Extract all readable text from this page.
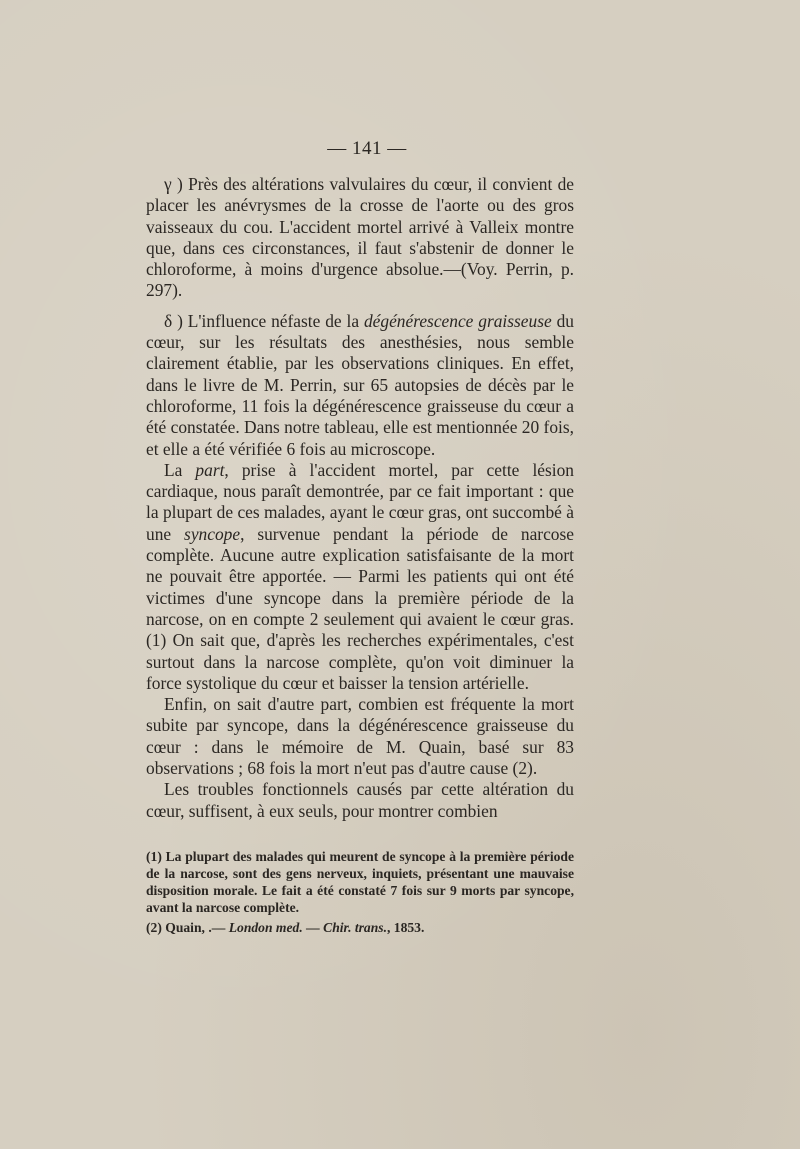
— 141 —

γ ) Près des altérations valvulaires du cœur, il convient de placer les anévrysmes de la crosse de l'aorte ou des gros vaisseaux du cou. L'accident mortel arrivé à Valleix montre que, dans ces circonstances, il faut s'abstenir de donner le chloroforme, à moins d'urgence absolue.—(Voy. Perrin, p. 297).

δ ) L'influence néfaste de la dégénérescence graisseuse du cœur, sur les résultats des anesthésies, nous semble clairement établie, par les observations cliniques. En effet, dans le livre de M. Perrin, sur 65 autopsies de décès par le chloroforme, 11 fois la dégénérescence graisseuse du cœur a été constatée. Dans notre tableau, elle est mentionnée 20 fois, et elle a été vérifiée 6 fois au microscope.

La part, prise à l'accident mortel, par cette lésion cardiaque, nous paraît demontrée, par ce fait important : que la plupart de ces malades, ayant le cœur gras, ont succombé à une syncope, survenue pendant la période de narcose complète. Aucune autre explication satisfaisante de la mort ne pouvait être apportée. — Parmi les patients qui ont été victimes d'une syncope dans la première période de la narcose, on en compte 2 seulement qui avaient le cœur gras. (1) On sait que, d'après les recherches expérimentales, c'est surtout dans la narcose complète, qu'on voit diminuer la force systolique du cœur et baisser la tension artérielle.

Enfin, on sait d'autre part, combien est fréquente la mort subite par syncope, dans la dégénérescence graisseuse du cœur : dans le mémoire de M. Quain, basé sur 83 observations ; 68 fois la mort n'eut pas d'autre cause (2).

Les troubles fonctionnels causés par cette altération du cœur, suffisent, à eux seuls, pour montrer combien

(1) La plupart des malades qui meurent de syncope à la première période de la narcose, sont des gens nerveux, inquiets, présentant une mauvaise disposition morale. Le fait a été constaté 7 fois sur 9 morts par syncope, avant la narcose complète.

(2) Quain, .— London med. — Chir. trans., 1853.
